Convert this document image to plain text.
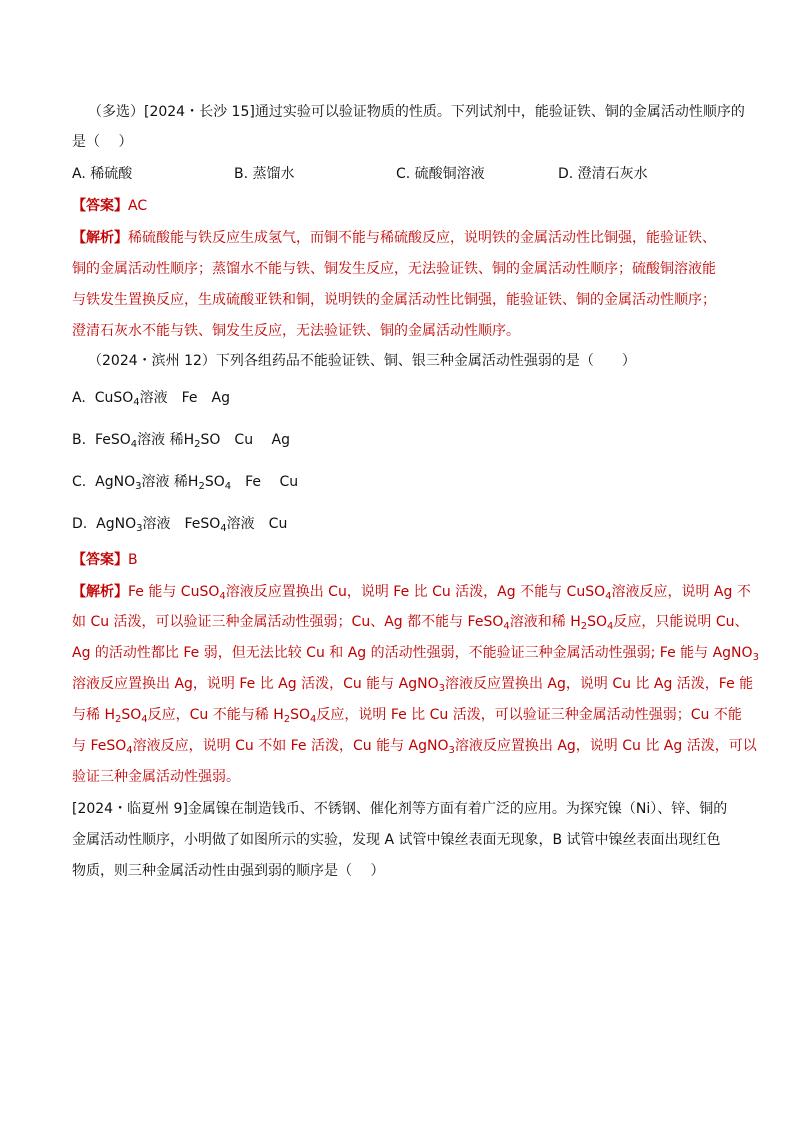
（多选）[2024・长沙 15]通过实验可以验证物质的性质。下列试剂中，能验证铁、铜的金属活动性顺序的
是（　 ）
A. 稀硫酸	B. 蒸馏水	C. 硫酸铜溶液	D. 澄清石灰水
【答案】AC
【解析】稀硫酸能与铁反应生成氢气，而铜不能与稀硫酸反应，说明铁的金属活动性比铜强，能验证铁、
铜的金属活动性顺序；蒸馏水不能与铁、铜发生反应，无法验证铁、铜的金属活动性顺序；硫酸铜溶液能
与铁发生置换反应，生成硫酸亚铁和铜，说明铁的金属活动性比铜强，能验证铁、铜的金属活动性顺序；
澄清石灰水不能与铁、铜发生反应，无法验证铁、铜的金属活动性顺序。
（2024・滨州 12）下列各组药品不能验证铁、铜、银三种金属活动性强弱的是（　　）
A. CuSO$_4$溶液　Fe　Ag
B. FeSO$_4$溶液 稀$H_2SO$　Cu　 Ag
C. AgNO$_3$溶液 稀$H_2SO_4$　Fe　 Cu
D. AgNO$_3$溶液　FeSO$_4$溶液　Cu
【答案】B
【解析】Fe 能与 CuSO$_4$溶液反应置换出 Cu，说明 Fe 比 Cu 活泼，Ag 不能与 CuSO$_4$溶液反应，说明 Ag 不
如 Cu 活泼，可以验证三种金属活动性强弱；Cu、Ag 都不能与 FeSO$_4$溶液和稀 $H_2SO_4$反应，只能说明 Cu、
Ag 的活动性都比 Fe 弱，但无法比较 Cu 和 Ag 的活动性强弱，不能验证三种金属活动性强弱; Fe 能与 AgNO$_3$
溶液反应置换出 Ag，说明 Fe 比 Ag 活泼，Cu 能与 AgNO$_3$溶液反应置换出 Ag，说明 Cu 比 Ag 活泼，Fe 能
与稀 $H_2SO_4$反应，Cu 不能与稀 $H_2SO_4$反应，说明 Fe 比 Cu 活泼，可以验证三种金属活动性强弱；Cu 不能
与 FeSO$_4$溶液反应，说明 Cu 不如 Fe 活泼，Cu 能与 AgNO$_3$溶液反应置换出 Ag，说明 Cu 比 Ag 活泼，可以
验证三种金属活动性强弱。
[2024・临夏州 9]金属镍在制造钱币、不锈钢、催化剂等方面有着广泛的应用。为探究镍（Ni）、锌、铜的
金属活动性顺序，小明做了如图所示的实验，发现 A 试管中镍丝表面无现象，B 试管中镍丝表面出现红色
物质，则三种金属活动性由强到弱的顺序是（　 ）
